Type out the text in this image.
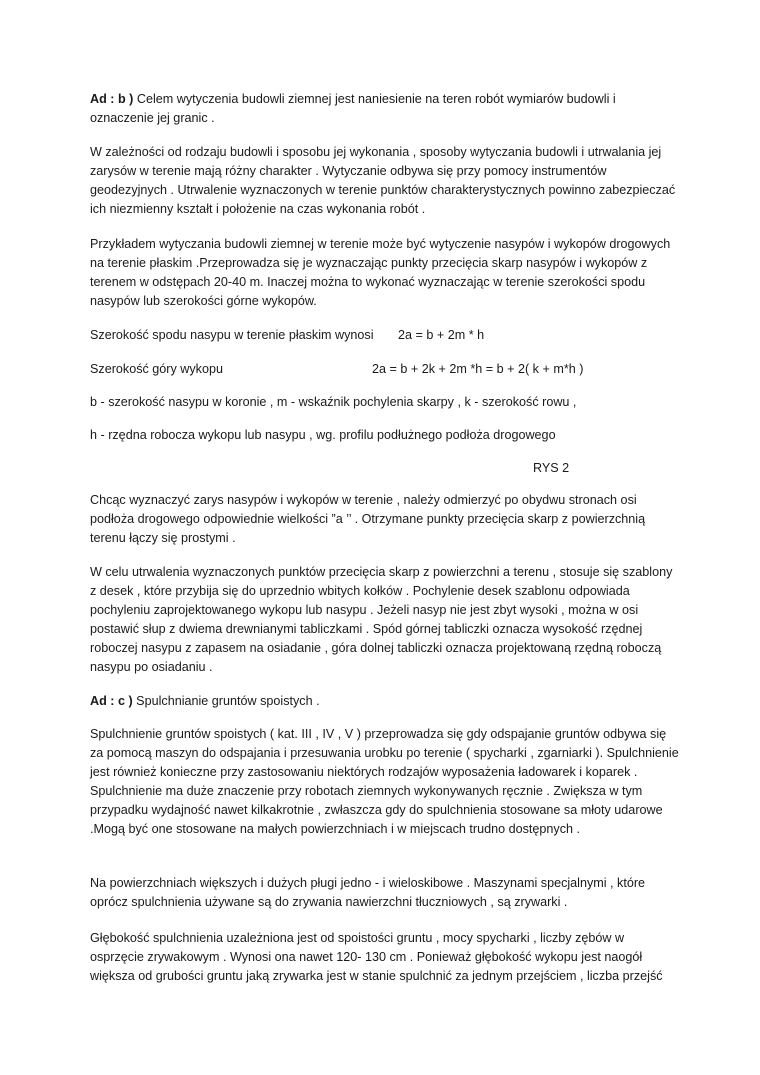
Ad : b ) Celem wytyczenia budowli ziemnej jest naniesienie na teren robót wymiarów budowli i oznaczenie jej granic .

W zależności od rodzaju budowli i sposobu jej wykonania , sposoby wytyczania budowli i utrwalania jej zarysów w terenie mają różny charakter . Wytyczanie odbywa się przy pomocy instrumentów geodezyjnych . Utrwalenie wyznaczonych w terenie punktów charakterystycznych powinno zabezpieczać ich niezmienny kształt i położenie na czas wykonania robót .

Przykładem wytyczania budowli ziemnej w terenie może być wytyczenie nasypów i wykopów drogowych na terenie płaskim .Przeprowadza się je wyznaczając punkty przecięcia skarp nasypów i wykopów z terenem w odstępach 20-40 m. Inaczej można to wykonać wyznaczając w terenie szerokości spodu nasypów lub szerokości górne wykopów.

Szerokość spodu nasypu w terenie płaskim wynosi 2a = b + 2m * h
Szerokość góry wykopu	2a = b + 2k + 2m *h = b + 2( k + m*h )

b - szerokość nasypu w koronie , m - wskaźnik pochylenia skarpy , k - szerokość rowu ,

h - rzędna robocza wykopu lub nasypu , wg. profilu podłużnego podłoża drogowego

RYS 2

Chcąc wyznaczyć zarys nasypów i wykopów w terenie , należy odmierzyć po obydwu stronach osi podłoża drogowego odpowiednie wielkości ”a ’’ . Otrzymane punkty przecięcia skarp z powierzchnią terenu łączy się prostymi .

W celu utrwalenia wyznaczonych punktów przecięcia skarp z powierzchni a terenu , stosuje się szablony z desek , które przybija się do uprzednio wbitych kołków . Pochylenie desek szablonu odpowiada pochyleniu zaprojektowanego wykopu lub nasypu . Jeżeli nasyp nie jest zbyt wysoki , można w osi postawić słup z dwiema drewnianymi tabliczkami . Spód górnej tabliczki oznacza wysokość rzędnej roboczej nasypu z zapasem na osiadanie , góra dolnej tabliczki oznacza projektowaną rzędną roboczą nasypu po osiadaniu .

Ad : c ) Spulchnianie gruntów spoistych .

Spulchnienie gruntów spoistych ( kat. III , IV , V ) przeprowadza się gdy odspajanie gruntów odbywa się za pomocą maszyn do odspajania i przesuwania urobku po terenie ( spycharki , zgarniarki ). Spulchnienie jest również konieczne przy zastosowaniu niektórych rodzajów wyposażenia ładowarek i koparek . Spulchnienie ma duże znaczenie przy robotach ziemnych wykonywanych ręcznie . Zwiększa w tym przypadku wydajność nawet kilkakrotnie , zwłaszcza gdy do spulchnienia stosowane sa młoty udarowe .Mogą być one stosowane na małych powierzchniach i w miejscach trudno dostępnych .

Na powierzchniach większych i dużych pługi jedno - i wieloskibowe . Maszynami specjalnymi , które oprócz spulchnienia używane są do zrywania nawierzchni tłuczniowych , są zrywarki .

Głębokość spulchnienia uzależniona jest od spoistości gruntu , mocy spycharki , liczby zębów w osprzęcie zrywakowym . Wynosi ona nawet 120- 130 cm . Ponieważ głębokość wykopu jest naogół większa od grubości gruntu jaką zrywarka jest w stanie spulchnić za jednym przejściem , liczba przejść
